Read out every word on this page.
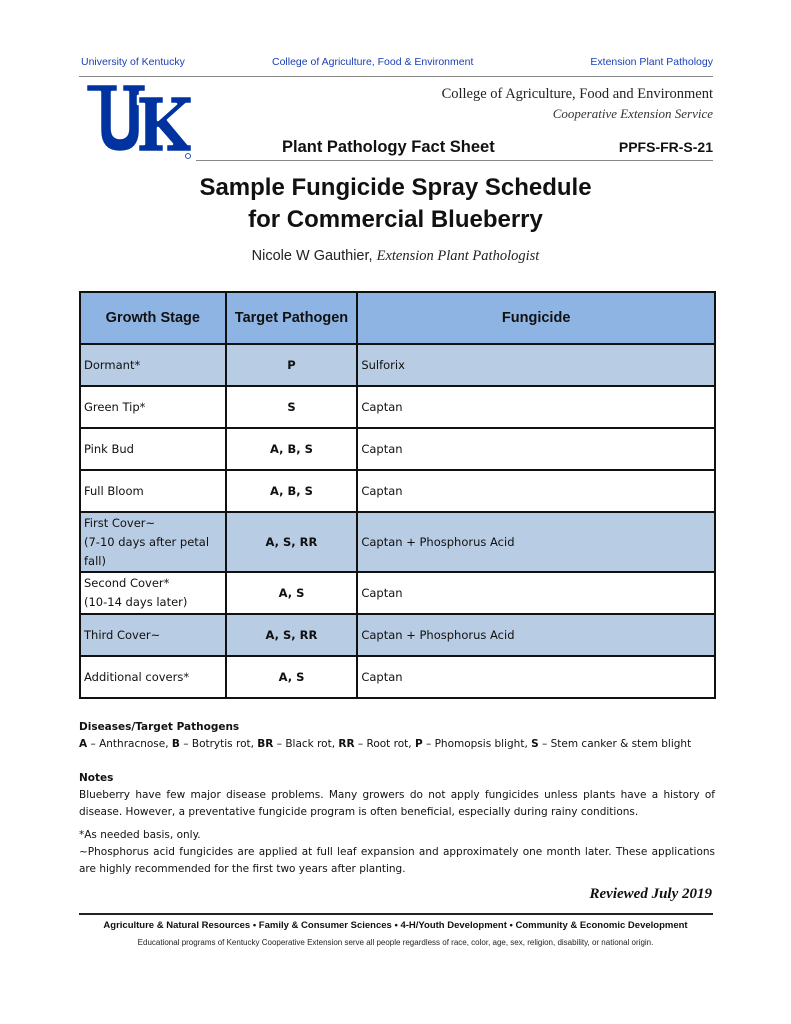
University of Kentucky	College of Agriculture, Food & Environment	Extension Plant Pathology
College of Agriculture, Food and Environment
Cooperative Extension Service
Plant Pathology Fact Sheet	PPFS-FR-S-21
Sample Fungicide Spray Schedule
for Commercial Blueberry
Nicole W Gauthier, Extension Plant Pathologist
Growth Stage	Target Pathogen	Fungicide
Dormant*	P	Sulforix
Green Tip*	S	Captan
Pink Bud	A, B, S	Captan
Full Bloom	A, B, S	Captan

First Cover~
(7-10 days after petal
fall)	A, S, RR	Captan + Phosphorus Acid

Second Cover*
(10-14 days later)	A, S	Captan
Third Cover~	A, S, RR	Captan + Phosphorus Acid
Additional covers*	A, S	Captan
Diseases/Target Pathogens
A – Anthracnose, B – Botrytis rot, BR – Black rot, RR – Root rot, P – Phomopsis blight, S – Stem canker & stem blight
Notes

Blueberry have few major disease problems. Many growers do not apply fungicides unless plants have a history of disease. However, a preventative fungicide program is often beneficial, especially during rainy conditions.

*As needed basis, only.

~Phosphorus acid fungicides are applied at full leaf expansion and approximately one month later. These applications are highly recommended for the first two years after planting.

Reviewed July 2019
Agriculture & Natural Resources • Family & Consumer Sciences • 4-H/Youth Development • Community & Economic Development
Educational programs of Kentucky Cooperative Extension serve all people regardless of race, color, age, sex, religion, disability, or national origin.
